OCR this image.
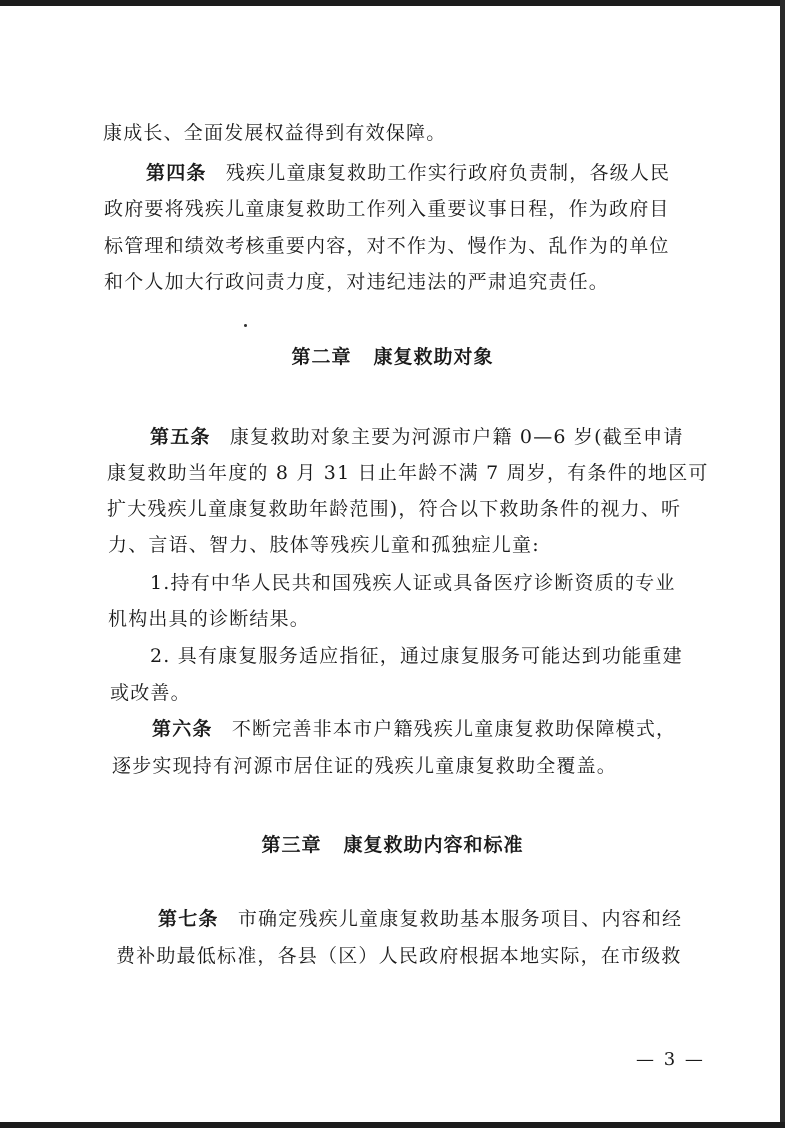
康成长、全面发展权益得到有效保障。
第四条 残疾儿童康复救助工作实行政府负责制，各级人民
政府要将残疾儿童康复救助工作列入重要议事日程，作为政府目
标管理和绩效考核重要内容，对不作为、慢作为、乱作为的单位
和个人加大行政问责力度，对违纪违法的严肃追究责任。
第二章 康复救助对象
第五条 康复救助对象主要为河源市户籍 0—6 岁(截至申请
康复救助当年度的 8 月 31 日止年龄不满 7 周岁，有条件的地区可
扩大残疾儿童康复救助年龄范围)，符合以下救助条件的视力、听
力、言语、智力、肢体等残疾儿童和孤独症儿童:
1.持有中华人民共和国残疾人证或具备医疗诊断资质的专业
机构出具的诊断结果。
2. 具有康复服务适应指征，通过康复服务可能达到功能重建
或改善。
第六条 不断完善非本市户籍残疾儿童康复救助保障模式，
逐步实现持有河源市居住证的残疾儿童康复救助全覆盖。
第三章 康复救助内容和标准
第七条 市确定残疾儿童康复救助基本服务项目、内容和经
费补助最低标准，各县（区）人民政府根据本地实际，在市级救
— 3 —
